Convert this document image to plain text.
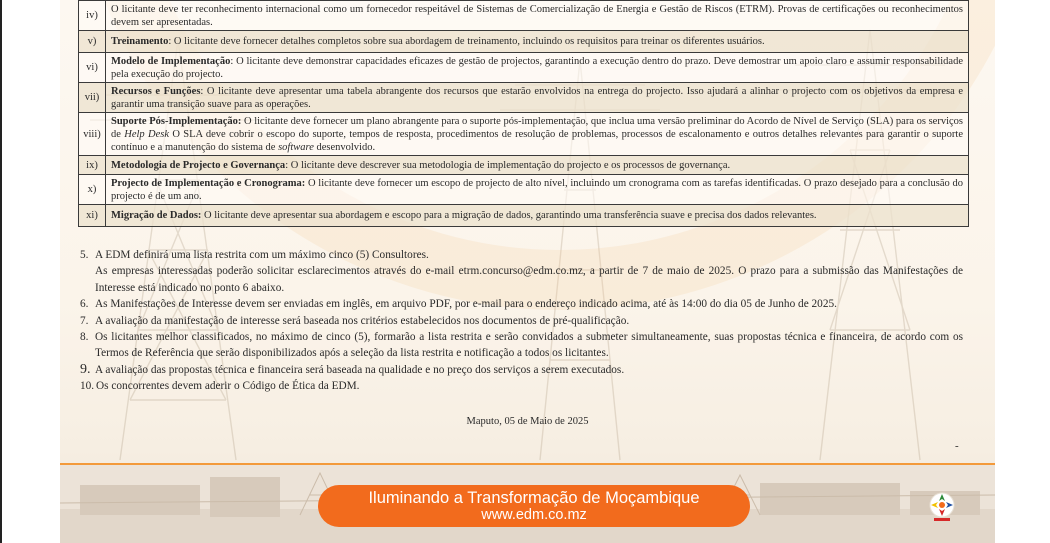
iv)	O licitante deve ter reconhecimento internacional como um fornecedor respeitável de Sistemas de Comercialização de Energia e Gestão de Riscos (ETRM). Provas de certificações ou reconhecimentos devem ser apresentadas.
v)	Treinamento: O licitante deve fornecer detalhes completos sobre sua abordagem de treinamento, incluindo os requisitos para treinar os diferentes usuários.
vi)	Modelo de Implementação: O licitante deve demonstrar capacidades eficazes de gestão de projectos, garantindo a execução dentro do prazo. Deve demostrar um apoio claro e assumir responsabilidade pela execução do projecto.
vii)	Recursos e Funções: O licitante deve apresentar uma tabela abrangente dos recursos que estarão envolvidos na entrega do projecto. Isso ajudará a alinhar o projecto com os objetivos da empresa e garantir uma transição suave para as operações.
viii)	Suporte Pós-Implementação: O licitante deve fornecer um plano abrangente para o suporte pós-implementação, que inclua uma versão preliminar do Acordo de Nível de Serviço (SLA) para os serviços de Help Desk O SLA deve cobrir o escopo do suporte, tempos de resposta, procedimentos de resolução de problemas, processos de escalonamento e outros detalhes relevantes para garantir o suporte contínuo e a manutenção do sistema de software desenvolvido.
ix)	Metodologia de Projecto e Governança: O licitante deve descrever sua metodologia de implementação do projecto e os processos de governança.
x)	Projecto de Implementação e Cronograma: O licitante deve fornecer um escopo de projecto de alto nível, incluindo um cronograma com as tarefas identificadas. O prazo desejado para a conclusão do projecto é de um ano.
xi)	Migração de Dados: O licitante deve apresentar sua abordagem e escopo para a migração de dados, garantindo uma transferência suave e precisa dos dados relevantes.
5. A EDM definirá uma lista restrita com um máximo cinco (5) Consultores.

As empresas interessadas poderão solicitar esclarecimentos através do e-mail etrm.concurso@edm.co.mz, a partir de 7 de maio de 2025. O prazo para a submissão das Manifestações de Interesse está indicado no ponto 6 abaixo.

6. As Manifestações de Interesse devem ser enviadas em inglês, em arquivo PDF, por e-mail para o endereço indicado acima, até às 14:00 do dia 05 de Junho de 2025.

7. A avaliação da manifestação de interesse será baseada nos critérios estabelecidos nos documentos de pré-qualificação.

8. Os licitantes melhor classificados, no máximo de cinco (5), formarão a lista restrita e serão convidados a submeter simultaneamente, suas propostas técnica e financeira, de acordo com os Termos de Referência que serão disponibilizados após a seleção da lista restrita e notificação a todos os licitantes.

9. A avaliação das propostas técnica e financeira será baseada na qualidade e no preço dos serviços a serem executados.

10. Os concorrentes devem aderir o Código de Ética da EDM.

Maputo, 05 de Maio de 2025
-
Iluminando a Transformação de Moçambique
www.edm.co.mz
